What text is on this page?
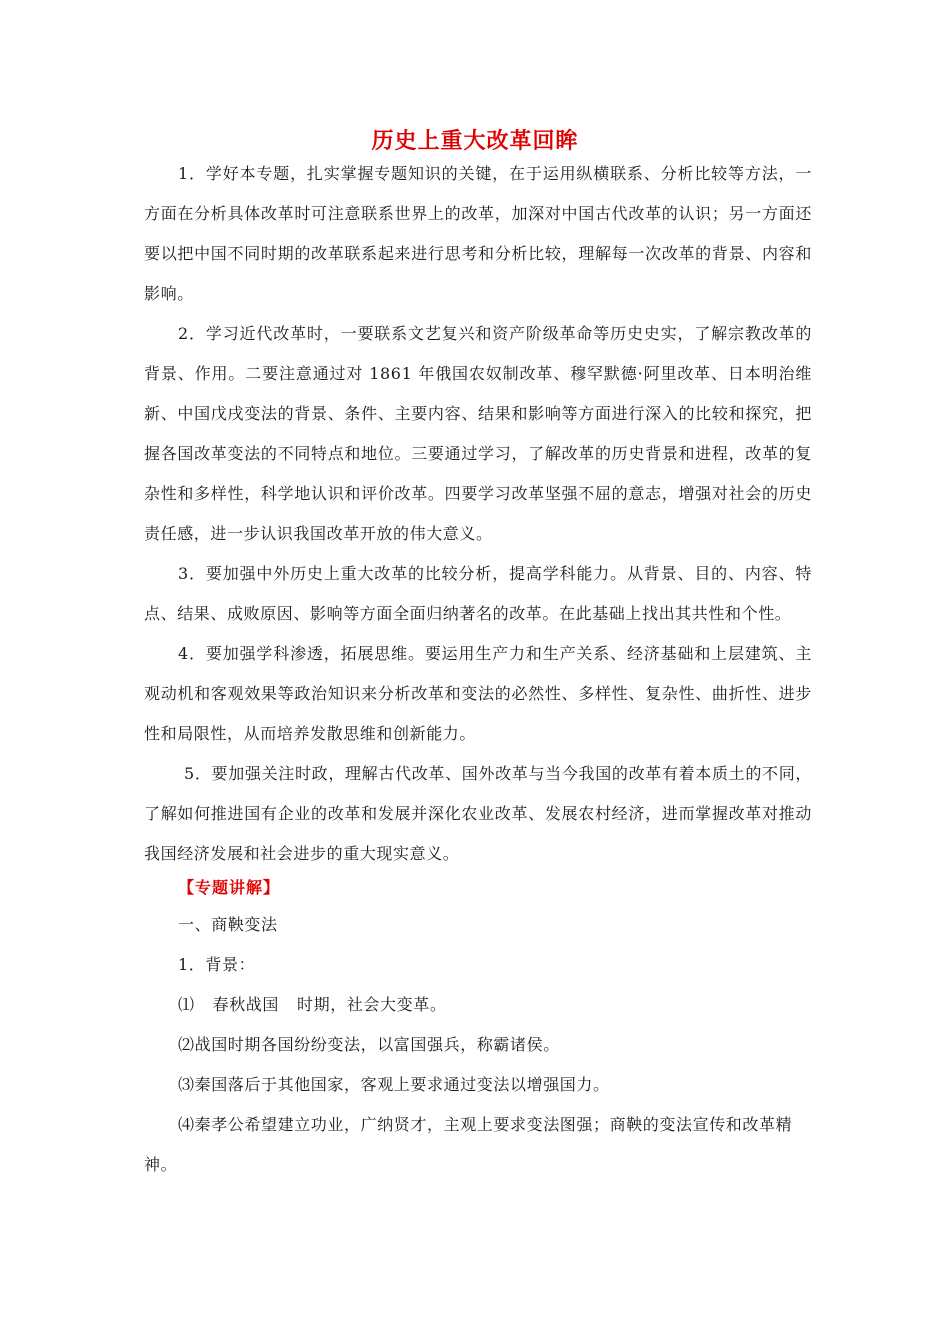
历史上重大改革回眸

1．学好本专题，扎实掌握专题知识的关键，在于运用纵横联系、分析比较等方法，一方面在分析具体改革时可注意联系世界上的改革，加深对中国古代改革的认识；另一方面还要以把中国不同时期的改革联系起来进行思考和分析比较，理解每一次改革的背景、内容和影响。

2．学习近代改革时，一要联系文艺复兴和资产阶级革命等历史史实，了解宗教改革的背景、作用。二要注意通过对 1861 年俄国农奴制改革、穆罕默德·阿里改革、日本明治维新、中国戊戌变法的背景、条件、主要内容、结果和影响等方面进行深入的比较和探究，把握各国改革变法的不同特点和地位。三要通过学习，了解改革的历史背景和进程，改革的复杂性和多样性，科学地认识和评价改革。四要学习改革坚强不屈的意志，增强对社会的历史责任感，进一步认识我国改革开放的伟大意义。

3．要加强中外历史上重大改革的比较分析，提高学科能力。从背景、目的、内容、特点、结果、成败原因、影响等方面全面归纳著名的改革。在此基础上找出其共性和个性。

4．要加强学科渗透，拓展思维。要运用生产力和生产关系、经济基础和上层建筑、主观动机和客观效果等政治知识来分析改革和变法的必然性、多样性、复杂性、曲折性、进步性和局限性，从而培养发散思维和创新能力。

5．要加强关注时政，理解古代改革、国外改革与当今我国的改革有着本质土的不同，了解如何推进国有企业的改革和发展并深化农业改革、发展农村经济，进而掌握改革对推动我国经济发展和社会进步的重大现实意义。

【专题讲解】

一、商鞅变法

1．背景：

⑴ 春秋战国 时期，社会大变革。

⑵战国时期各国纷纷变法，以富国强兵，称霸诸侯。

⑶秦国落后于其他国家，客观上要求通过变法以增强国力。

⑷秦孝公希望建立功业，广纳贤才，主观上要求变法图强；商鞅的变法宣传和改革精神。
